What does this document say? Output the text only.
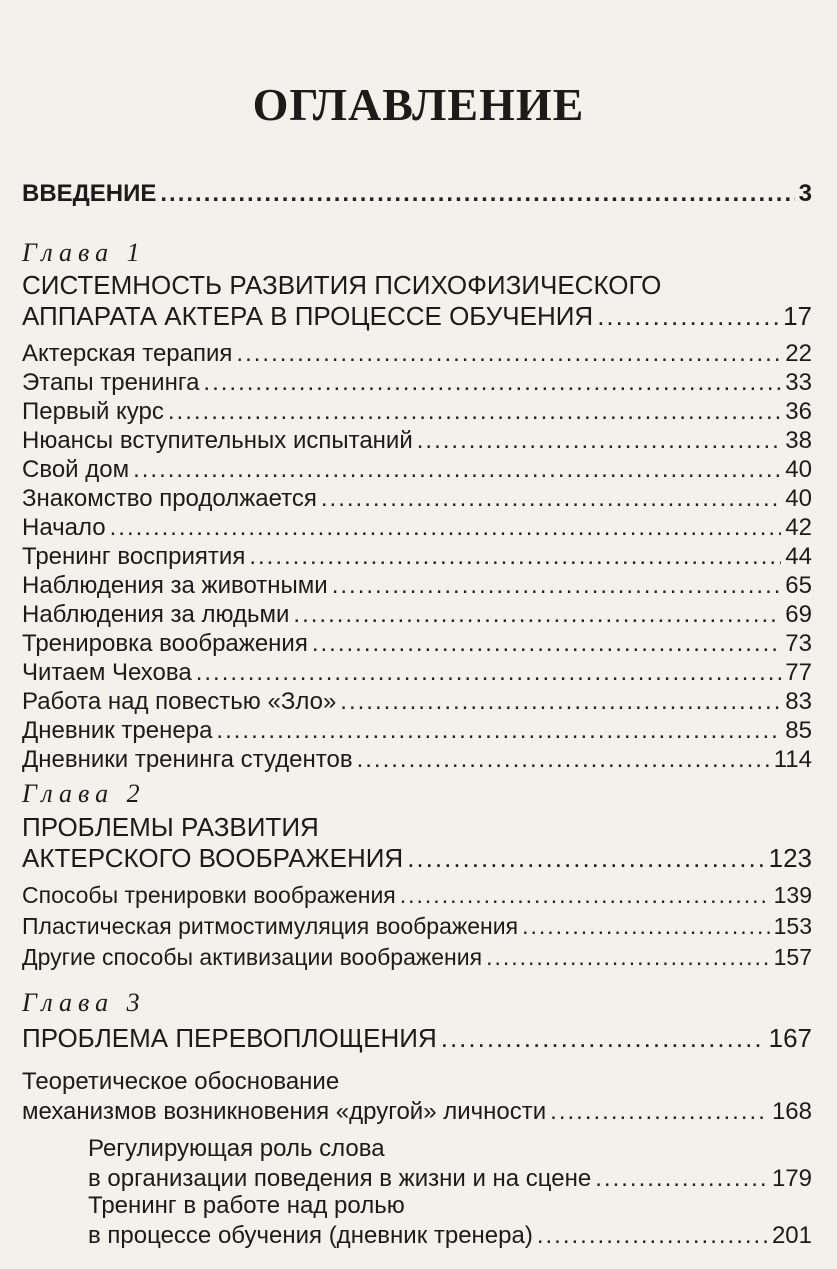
ОГЛАВЛЕНИЕ
ВВЕДЕНИЕ .....	3
Глава 1
СИСТЕМНОСТЬ РАЗВИТИЯ ПСИХОФИЗИЧЕСКОГО
АППАРАТА АКТЕРА В ПРОЦЕССЕ ОБУЧЕНИЯ .....	17
Актерская терапия .....	22
Этапы тренинга .....	33
Первый курс .....	36
Нюансы вступительных испытаний .....	38
Свой дом .....	40
Знакомство продолжается .....	40
Начало .....	42
Тренинг восприятия .....	44
Наблюдения за животными .....	65
Наблюдения за людьми .....	69
Тренировка воображения .....	73
Читаем Чехова .....	77
Работа над повестью «Зло» .....	83
Дневник тренера .....	85
Дневники тренинга студентов .....	114
Глава 2
ПРОБЛЕМЫ РАЗВИТИЯ
АКТЕРСКОГО ВООБРАЖЕНИЯ .....	123
Способы тренировки воображения .....	139
Пластическая ритмостимуляция воображения .....	153
Другие способы активизации воображения .....	157
Глава 3
ПРОБЛЕМА ПЕРЕВОПЛОЩЕНИЯ .....	167
Теоретическое обоснование
механизмов возникновения «другой» личности .....	168
Регулирующая роль слова
в организации поведения в жизни и на сцене .....	179
Тренинг в работе над ролью
в процессе обучения (дневник тренера) .....	201
